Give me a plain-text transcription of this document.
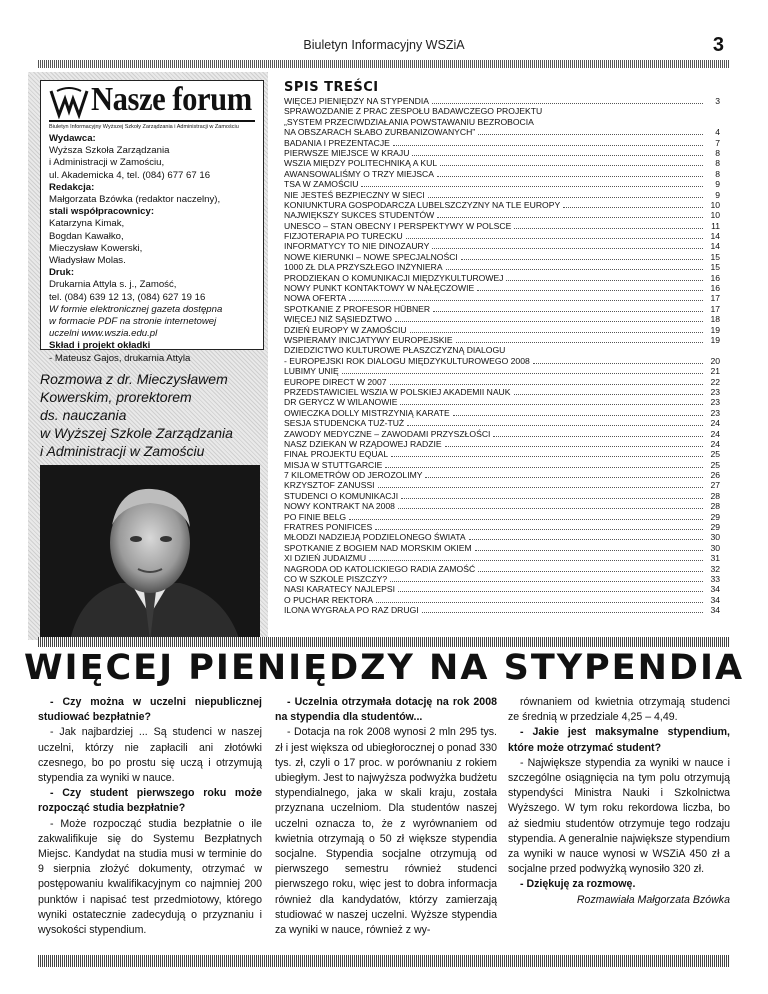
Biuletyn Informacyjny WSZiA	3
Nasze forum
Biuletyn Informacyjny Wyższej Szkoły Zarządzania i Administracji w Zamościu
Wydawca:
Wyższa Szkoła Zarządzania
i Administracji w Zamościu,
ul. Akademicka 4, tel. (084) 677 67 16
Redakcja:
Małgorzata Bzówka (redaktor naczelny),
stali współpracownicy:
Katarzyna Kimak,
Bogdan Kawałko,
Mieczysław Kowerski,
Władysław Molas.
Druk:
Drukarnia Attyla s. j., Zamość,
tel. (084) 639 12 13, (084) 627 19 16
W formie elektronicznej gazeta dostępna
w formacie PDF na stronie internetowej
uczelni www.wszia.edu.pl
Skład i projekt okładki
- Mateusz Gajos, drukarnia Attyla
Rozmowa z dr. Mieczysławem
Kowerskim, prorektorem
ds. nauczania
w Wyższej Szkole Zarządzania
i Administracji w Zamościu
SPIS TREŚCI
WIĘCEJ PIENIĘDZY NA STYPENDIA	3
SPRAWOZDANIE Z PRAC ZESPOŁU BADAWCZEGO PROJEKTU
„SYSTEM PRZECIWDZIAŁANIA POWSTAWANIU BEZROBOCIA
NA OBSZARACH SŁABO ZURBANIZOWANYCH”	4
BADANIA I PREZENTACJE	7
PIERWSZE MIEJSCE W KRAJU	8
WSZIA MIĘDZY POLITECHNIKĄ A KUL	8
AWANSOWALIŚMY O TRZY MIEJSCA	8
TSA W ZAMOŚCIU	9
NIE JESTEŚ BEZPIECZNY W SIECI	9
KONIUNKTURA GOSPODARCZA LUBELSZCZYZNY NA TLE EUROPY	10
NAJWIĘKSZY SUKCES STUDENTÓW	10
UNESCO – STAN OBECNY I PERSPEKTYWY W POLSCE	11
FIZJOTERAPIA PO TURECKU	14
INFORMATYCY TO NIE DINOZAURY	14
NOWE KIERUNKI – NOWE SPECJALNOŚCI	15
1000 ZŁ DLA PRZYSZŁEGO INŻYNIERA	15
PRODZIEKAN O KOMUNIKACJI MIĘDZYKULTUROWEJ	16
NOWY PUNKT KONTAKTOWY W NAŁĘCZOWIE	16
NOWA OFERTA	17
SPOTKANIE Z PROFESOR HÜBNER	17
WIĘCEJ NIŻ SĄSIEDZTWO	18
DZIEŃ EUROPY W ZAMOŚCIU	19
WSPIERAMY INICJATYWY EUROPEJSKIE	19
DZIEDZICTWO KULTUROWE PŁASZCZYZNĄ DIALOGU
- EUROPEJSKI ROK DIALOGU MIĘDZYKULTUROWEGO 2008	20
LUBIMY UNIĘ	21
EUROPE DIRECT W 2007	22
PRZEDSTAWICIEL WSZIA W POLSKIEJ AKADEMII NAUK	23
DR GERYCZ W WILANOWIE	23
OWIECZKA DOLLY MISTRZYNIĄ KARATE	23
SESJA STUDENCKA TUŻ-TUŻ	24
ZAWODY MEDYCZNE – ZAWODAMI PRZYSZŁOŚCI	24
NASZ DZIEKAN W RZĄDOWEJ RADZIE	24
FINAŁ PROJEKTU EQUAL	25
MISJA W STUTTGARCIE	25
7 KILOMETRÓW OD JEROZOLIMY	26
KRZYSZTOF ZANUSSI	27
STUDENCI O KOMUNIKACJI	28
NOWY KONTRAKT NA 2008	28
PO FINIE BELG	29
FRATRES PONIFICES	29
MŁODZI NADZIEJĄ PODZIELONEGO ŚWIATA	30
SPOTKANIE Z BOGIEM NAD MORSKIM OKIEM	30
XI DZIEŃ JUDAIZMU	31
NAGRODA OD KATOLICKIEGO RADIA ZAMOŚĆ	32
CO W SZKOLE PISZCZY?	33
NASI KARATECY NAJLEPSI	34
O PUCHAR REKTORA	34
ILONA WYGRAŁA PO RAZ DRUGI	34
WIĘCEJ PIENIĘDZY NA STYPENDIA

- Czy można w uczelni niepublicznej studiować bezpłatnie?

- Jak najbardziej ... Są studenci w naszej uczelni, którzy nie zapłacili ani złotówki czesnego, bo po prostu się uczą i otrzymują stypendia za wyniki w nauce.

- Czy student pierwszego roku może rozpocząć studia bezpłatnie?

- Może rozpocząć studia bezpłatnie o ile zakwalifikuje się do Systemu Bezpłatnych Miejsc. Kandydat na studia musi w terminie do 9 sierpnia złożyć dokumenty, otrzymać w postępowaniu kwalifikacyjnym co najmniej 200 punktów i napisać test przedmiotowy, którego wyniki ostatecznie zadecydują o przyznaniu i wysokości stypendium.

- Uczelnia otrzymała dotację na rok 2008 na stypendia dla studentów...

- Dotacja na rok 2008 wynosi 2 mln 295 tys. zł i jest większa od ubiegłorocznej o ponad 330 tys. zł, czyli o 17 proc. w porównaniu z rokiem ubiegłym. Jest to najwyższa podwyżka budżetu stypendialnego, jaka w skali kraju, została przyznana uczelniom. Dla studentów naszej uczelni oznacza to, że z wyrównaniem od kwietnia otrzymają o 50 zł większe stypendia socjalne. Stypendia socjalne otrzymują od pierwszego semestru również studenci pierwszego roku, więc jest to dobra informacja również dla kandydatów, którzy zamierzają studiować w naszej uczelni. Wyższe stypendia za wyniki w nauce, również z wy-

równaniem od kwietnia otrzymają studenci ze średnią w przedziale 4,25 – 4,49.

- Jakie jest maksymalne stypendium, które może otrzymać student?

- Największe stypendia za wyniki w nauce i szczególne osiągnięcia na tym polu otrzymują stypendyści Ministra Nauki i Szkolnictwa Wyższego. W tym roku rekordowa liczba, bo aż siedmiu studentów otrzymuje tego rodzaju stypendia. A generalnie największe stypendium za wyniki w nauce wynosi w WSZiA 450 zł a socjalne przed podwyżką wynosiło 320 zł.

- Dziękuję za rozmowę.

Rozmawiała Małgorzata Bzówka
